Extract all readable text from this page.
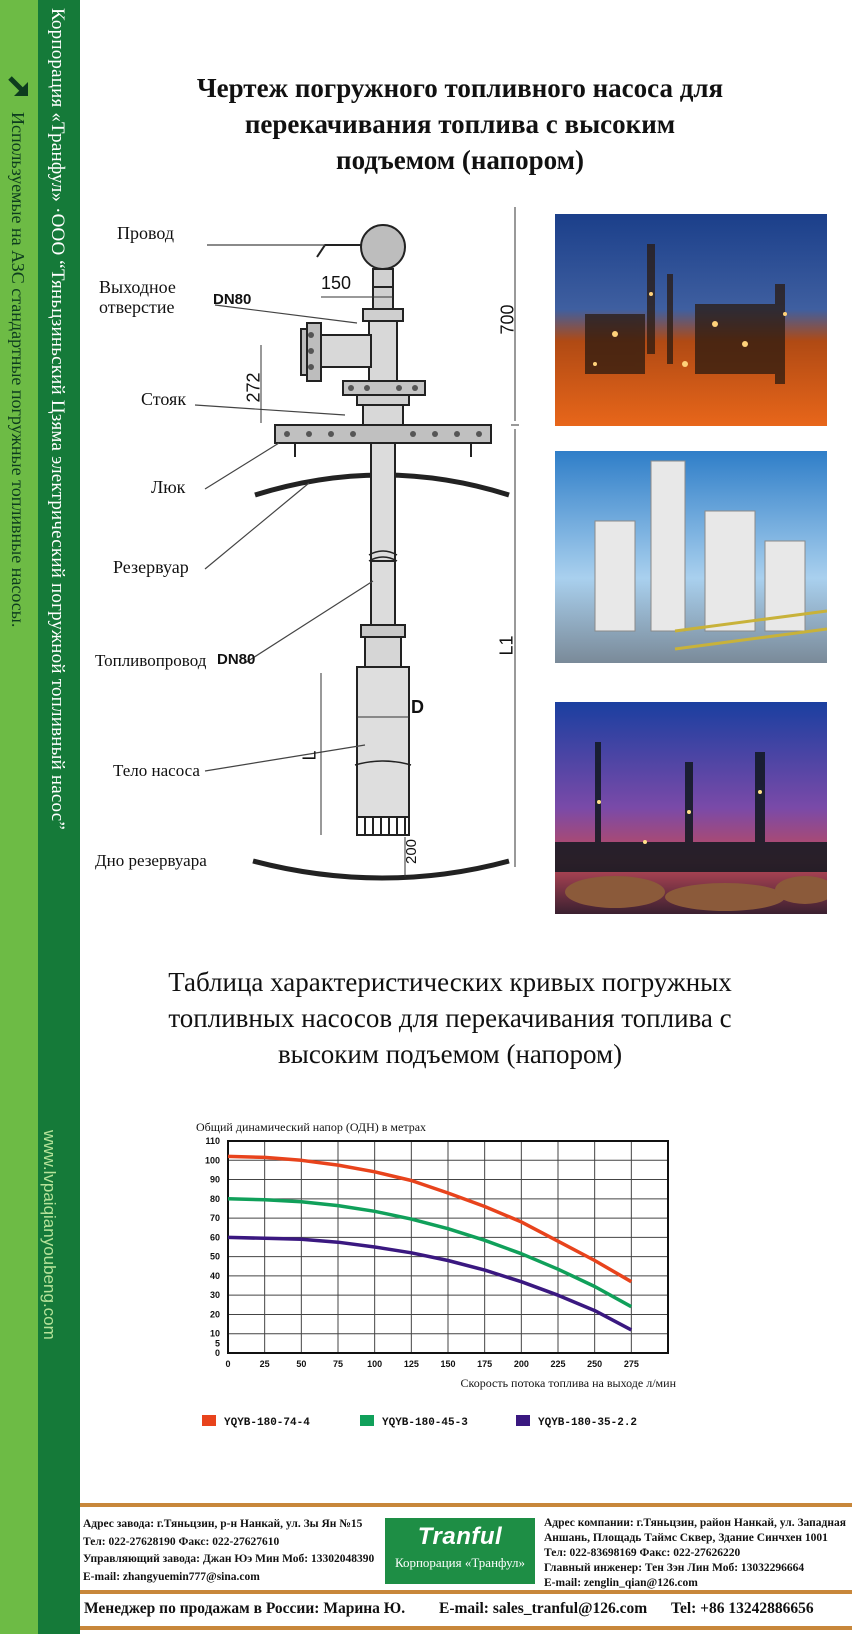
Корпорация «Транфул» ·ООО “Тяньцзиньский Цзяма электрический погружной топливный насос”
Используемые на АЗС стандартные погружные топливные насосы.
www.lvpaiqianyoubeng.com
Чертеж погружного топливного насоса для
перекачивания топлива с высоким
подъемом (напором)
Провод
Выходное
отверстие
Стояк
Люк
Резервуар
Топливопровод
Тело насоса
Дно резервуара
DN80
150
272
700
DN80
D
L
L1
200
Таблица характеристических кривых погружных
топливных насосов для перекачивания топлива с
высоким подъемом (напором)
Общий динамический напор (ОДН) в метрах
0
5
10
20
30
40
50
60
70
80
90
100
110
0	25	50	75	100 125 150 175 200 225 250 275
Скорость потока топлива на выходе л/мин
YQYB-180-74-4	YQYB-180-45-3	YQYB-180-35-2.2
Адрес завода: г.Тяньцзин, р-н Нанкай, ул. Зы Ян №15
Тел: 022-27628190 Факс: 022-27627610
Управляющий завода: Джан Юэ Мин Моб: 13302048390
E-mail: zhangyuemin777@sina.com
Tranful
Корпорация «Транфул»
Адрес компании: г.Тяньцзин, район Нанкай, ул. Западная
Аншань, Площадь Таймс Сквер, Здание Синчхен 1001
Тел: 022-83698169 Факс: 022-27626220
Главный инженер: Тен Зэн Лин Моб: 13032296664
E-mail: zenglin_qian@126.com
Менеджер по продажам в России: Марина Ю. E-mail: sales_tranful@126.com Tel: +86 13242886656
